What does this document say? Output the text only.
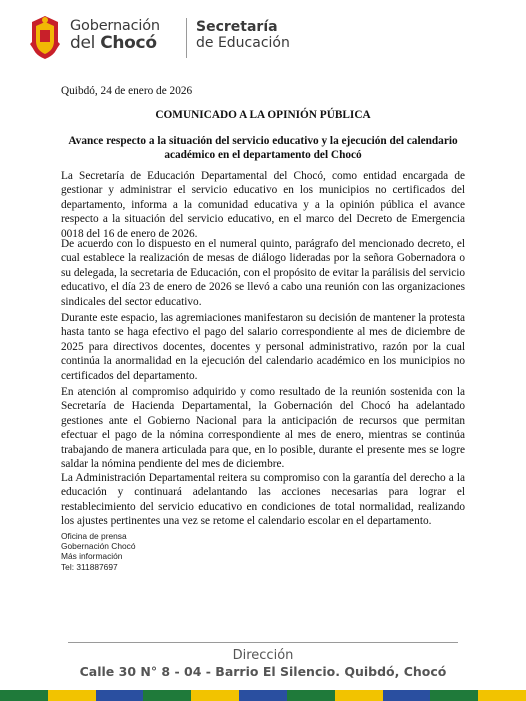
Gobernación
del Chocó
Secretaría
de Educación
Quibdó, 24 de enero de 2026
COMUNICADO A LA OPINIÓN PÚBLICA
Avance respecto a la situación del servicio educativo y la ejecución del calendario académico en el departamento del Chocó

La Secretaría de Educación Departamental del Chocó, como entidad encargada de gestionar y administrar el servicio educativo en los municipios no certificados del departamento, informa a la comunidad educativa y a la opinión pública el avance respecto a la situación del servicio educativo, en el marco del Decreto de Emergencia 0018 del 16 de enero de 2026.

De acuerdo con lo dispuesto en el numeral quinto, parágrafo del mencionado decreto, el cual establece la realización de mesas de diálogo lideradas por la señora Gobernadora o su delegada, la secretaria de Educación, con el propósito de evitar la parálisis del servicio educativo, el día 23 de enero de 2026 se llevó a cabo una reunión con las organizaciones sindicales del sector educativo.

Durante este espacio, las agremiaciones manifestaron su decisión de mantener la protesta hasta tanto se haga efectivo el pago del salario correspondiente al mes de diciembre de 2025 para directivos docentes, docentes y personal administrativo, razón por la cual continúa la anormalidad en la ejecución del calendario académico en los municipios no certificados del departamento.

En atención al compromiso adquirido y como resultado de la reunión sostenida con la Secretaría de Hacienda Departamental, la Gobernación del Chocó ha adelantado gestiones ante el Gobierno Nacional para la anticipación de recursos que permitan efectuar el pago de la nómina correspondiente al mes de enero, mientras se continúa trabajando de manera articulada para que, en lo posible, durante el presente mes se logre saldar la nómina pendiente del mes de diciembre.

La Administración Departamental reitera su compromiso con la garantía del derecho a la educación y continuará adelantando las acciones necesarias para lograr el restablecimiento del servicio educativo en condiciones de total normalidad, realizando los ajustes pertinentes una vez se retome el calendario escolar en el departamento.

Oficina de prensa
Gobernación Chocó
Más información
Tel: 311887697
Dirección
Calle 30 N° 8 - 04 - Barrio El Silencio. Quibdó, Chocó
